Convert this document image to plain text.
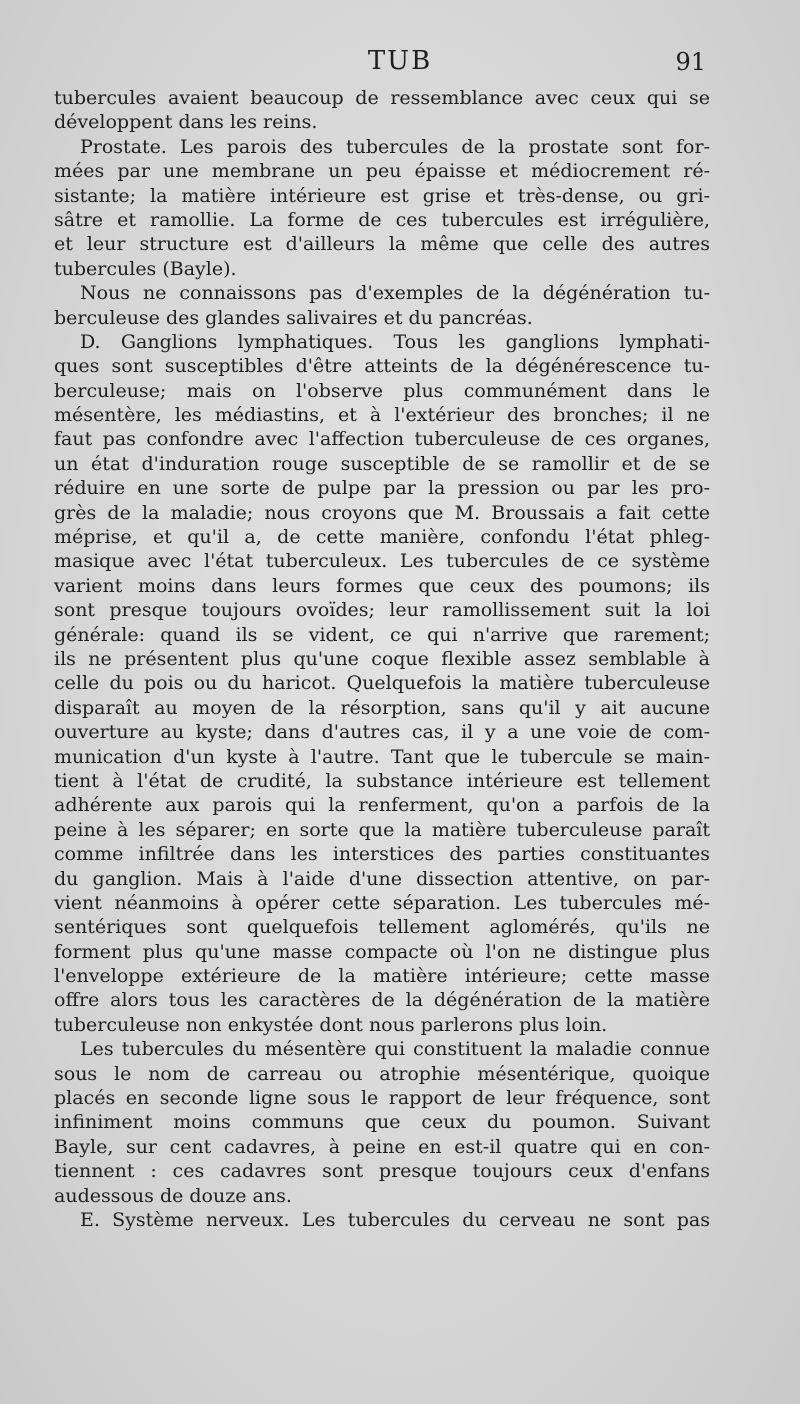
TUB	91
tubercules avaient beaucoup de ressemblance avec ceux qui se
développent dans les reins.
Prostate. Les parois des tubercules de la prostate sont for-
mées par une membrane un peu épaisse et médiocrement ré-
sistante; la matière intérieure est grise et très-dense, ou gri-
sâtre et ramollie. La forme de ces tubercules est irrégulière,
et leur structure est d'ailleurs la même que celle des autres
tubercules (Bayle).
Nous ne connaissons pas d'exemples de la dégénération tu-
berculeuse des glandes salivaires et du pancréas.
D. Ganglions lymphatiques. Tous les ganglions lymphati-
ques sont susceptibles d'être atteints de la dégénérescence tu-
berculeuse; mais on l'observe plus communément dans le
mésentère, les médiastins, et à l'extérieur des bronches; il ne
faut pas confondre avec l'affection tuberculeuse de ces organes,
un état d'induration rouge susceptible de se ramollir et de se
réduire en une sorte de pulpe par la pression ou par les pro-
grès de la maladie; nous croyons que M. Broussais a fait cette
méprise, et qu'il a, de cette manière, confondu l'état phleg-
masique avec l'état tuberculeux. Les tubercules de ce système
varient moins dans leurs formes que ceux des poumons; ils
sont presque toujours ovoïdes; leur ramollissement suit la loi
générale: quand ils se vident, ce qui n'arrive que rarement;
ils ne présentent plus qu'une coque flexible assez semblable à
celle du pois ou du haricot. Quelquefois la matière tuberculeuse
disparaît au moyen de la résorption, sans qu'il y ait aucune
ouverture au kyste; dans d'autres cas, il y a une voie de com-
munication d'un kyste à l'autre. Tant que le tubercule se main-
tient à l'état de crudité, la substance intérieure est tellement
adhérente aux parois qui la renferment, qu'on a parfois de la
peine à les séparer; en sorte que la matière tuberculeuse paraît
comme infiltrée dans les interstices des parties constituantes
du ganglion. Mais à l'aide d'une dissection attentive, on par-
vient néanmoins à opérer cette séparation. Les tubercules mé-
sentériques sont quelquefois tellement aglomérés, qu'ils ne
forment plus qu'une masse compacte où l'on ne distingue plus
l'enveloppe extérieure de la matière intérieure; cette masse
offre alors tous les caractères de la dégénération de la matière
tuberculeuse non enkystée dont nous parlerons plus loin.
Les tubercules du mésentère qui constituent la maladie connue
sous le nom de carreau ou atrophie mésentérique, quoique
placés en seconde ligne sous le rapport de leur fréquence, sont
infiniment moins communs que ceux du poumon. Suivant
Bayle, sur cent cadavres, à peine en est-il quatre qui en con-
tiennent : ces cadavres sont presque toujours ceux d'enfans
audessous de douze ans.
E. Système nerveux. Les tubercules du cerveau ne sont pas
